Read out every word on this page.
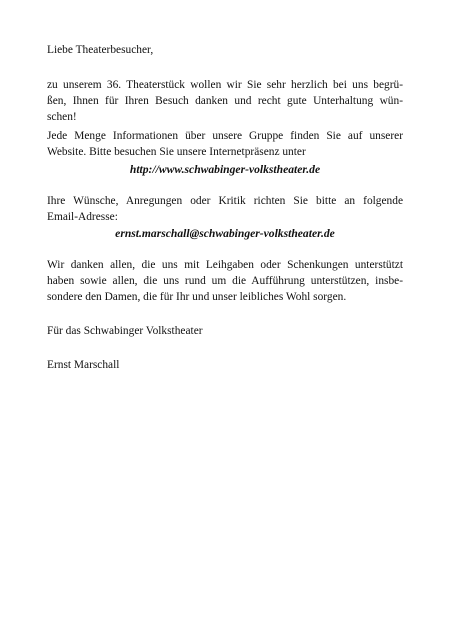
Liebe Theaterbesucher,
zu unserem 36. Theaterstück wollen wir Sie sehr herzlich bei uns begrü-
ßen, Ihnen für Ihren Besuch danken und recht gute Unterhaltung wün-
schen!
Jede Menge Informationen über unsere Gruppe finden Sie auf unserer
Website. Bitte besuchen Sie unsere Internetpräsenz unter
http://www.schwabinger-volkstheater.de
Ihre Wünsche, Anregungen oder Kritik richten Sie bitte an folgende
Email-Adresse:
ernst.marschall@schwabinger-volkstheater.de
Wir danken allen, die uns mit Leihgaben oder Schenkungen unterstützt
haben sowie allen, die uns rund um die Aufführung unterstützen, insbe-
sondere den Damen, die für Ihr und unser leibliches Wohl sorgen.
Für das Schwabinger Volkstheater
Ernst Marschall
